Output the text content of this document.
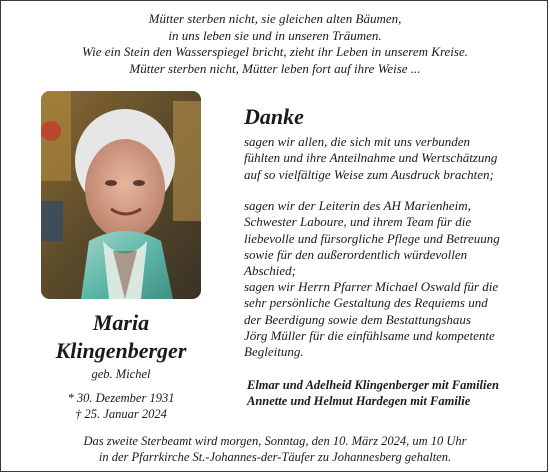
Mütter sterben nicht, sie gleichen alten Bäumen,
in uns leben sie und in unseren Träumen.
Wie ein Stein den Wasserspiegel bricht, zieht ihr Leben in unserem Kreise.
Mütter sterben nicht, Mütter leben fort auf ihre Weise ...
Maria
Klingenberger
geb. Michel
* 30. Dezember 1931
† 25. Januar 2024
Danke
sagen wir allen, die sich mit uns verbunden
fühlten und ihre Anteilnahme und Wertschätzung
auf so vielfältige Weise zum Ausdruck brachten;
sagen wir der Leiterin des AH Marienheim,
Schwester Laboure, und ihrem Team für die
liebevolle und fürsorgliche Pflege und Betreuung
sowie für den außerordentlich würdevollen
Abschied;
sagen wir Herrn Pfarrer Michael Oswald für die
sehr persönliche Gestaltung des Requiems und
der Beerdigung sowie dem Bestattungshaus
Jörg Müller für die einfühlsame und kompetente
Begleitung.
Elmar und Adelheid Klingenberger mit Familien
Annette und Helmut Hardegen mit Familie
Das zweite Sterbeamt wird morgen, Sonntag, den 10. März 2024, um 10 Uhr
in der Pfarrkirche St.-Johannes-der-Täufer zu Johannesberg gehalten.
